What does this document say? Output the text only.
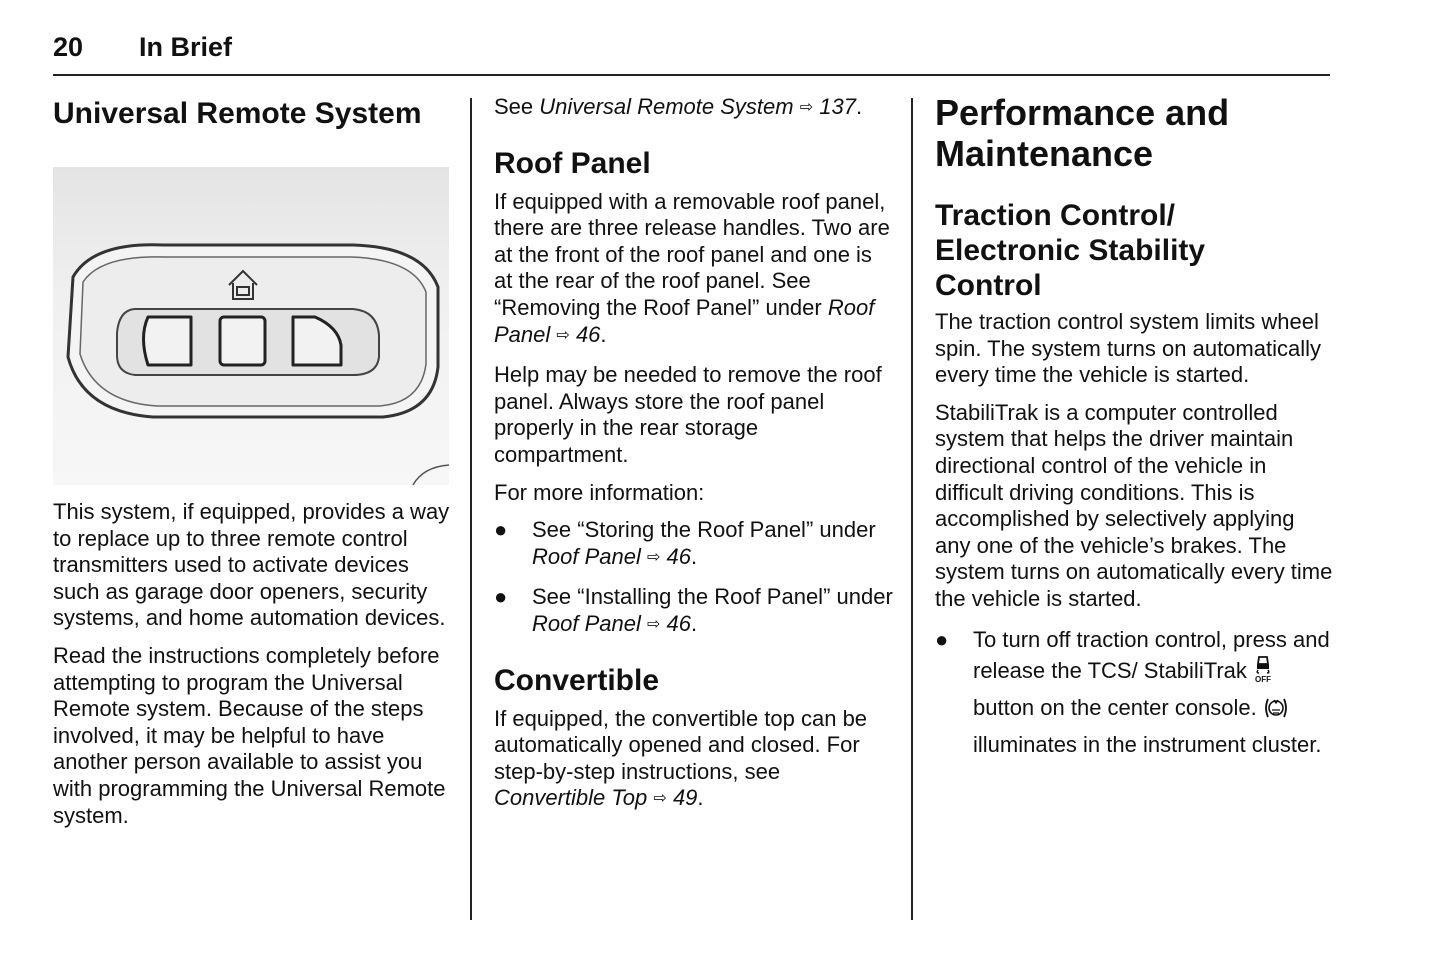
20 In Brief
Universal Remote System

This system, if equipped, provides a way to replace up to three remote control transmitters used to activate devices such as garage door openers, security systems, and home automation devices.

Read the instructions completely before attempting to program the Universal Remote system. Because of the steps involved, it may be helpful to have another person available to assist you with programming the Universal Remote system.

See Universal Remote System ⇨ 137.

Roof Panel

If equipped with a removable roof panel, there are three release handles. Two are at the front of the roof panel and one is at the rear of the roof panel. See “Removing the Roof Panel” under Roof Panel ⇨ 46.

Help may be needed to remove the roof panel. Always store the roof panel properly in the rear storage compartment.

For more information:

● See “Storing the Roof Panel” under Roof Panel ⇨ 46.
● See “Installing the Roof Panel” under Roof Panel ⇨ 46.
Convertible

If equipped, the convertible top can be automatically opened and closed. For step-by-step instructions, see Convertible Top ⇨ 49.

Performance and Maintenance
Traction Control/ Electronic Stability Control

The traction control system limits wheel spin. The system turns on automatically every time the vehicle is started.

StabiliTrak is a computer controlled system that helps the driver maintain directional control of the vehicle in difficult driving conditions. This is accomplished by selectively applying any one of the vehicle’s brakes. The system turns on automatically every time the vehicle is started.

● To turn off traction control, press and release the TCS/ StabiliTrak OFF
button on the center console.  illuminates in the instrument cluster.
